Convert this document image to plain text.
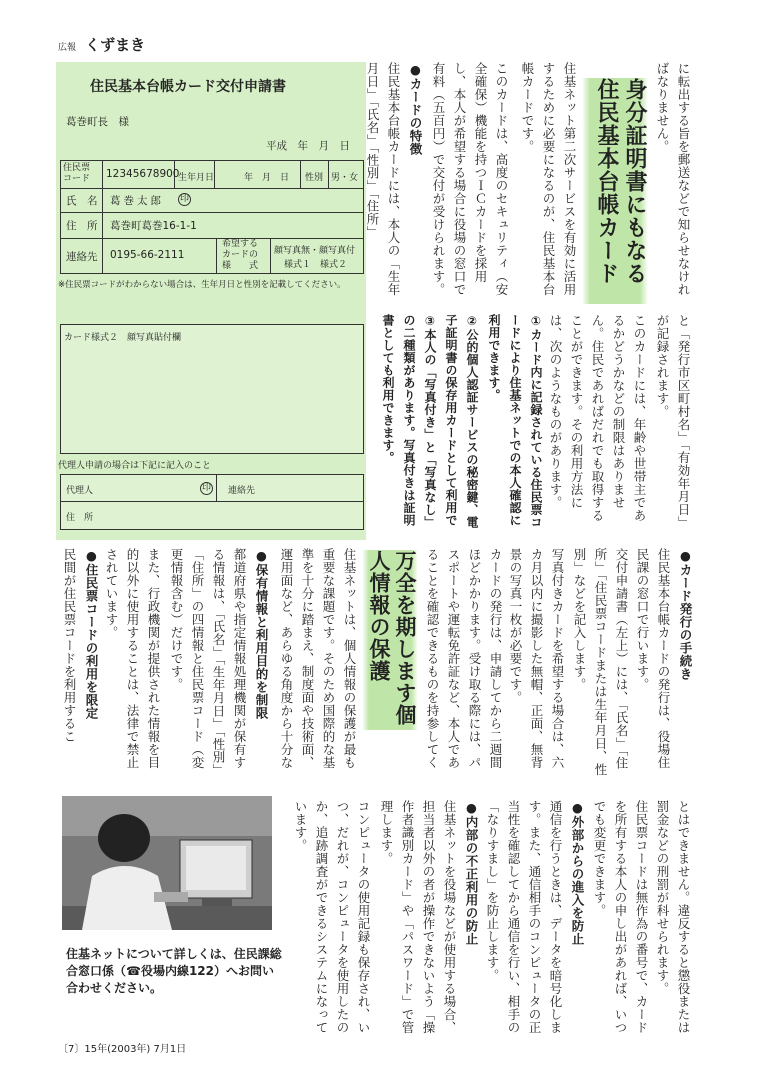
広報 くずまき
住民基本台帳カード交付申請書
葛巻町長　様
平成　年　月　日
住民票
コード 12345678900
生年月日	年　月　日 性別 男・女
氏　名 葛巻太郎 印
住　所 葛巻町葛巻16-1-1
連絡先 0195-66-2111
希望する
カードの
様　　式
顔写真無・顔写真付
様式１　様式２
※住民票コードがわからない場合は、生年月日と性別を記載してください。
カード様式２　顔写真貼付欄
代理人申請の場合は下記に記入のこと
代理人	印 連絡先
住　所
に転出する旨を郵送などで知らせなければなりません。
身分証明書にもなる住民基本台帳カード
住基ネット第二次サービスを有効に活用するために必要になるのが、住民基本台帳カードです。
このカードは、高度のセキュリティ（安全確保）機能を持つＩＣカードを採用し、本人が希望する場合に役場の窓口で有料（五百円）で交付が受けられます。
●カードの特徴
住民基本台帳カードには、本人の「生年月日」「氏名」「性別」「住所」
と「発行市区町村名」「有効年月日」が記録されます。
このカードには、年齢や世帯主であるかどうかなどの制限はありません。住民であればだれでも取得することができます。その利用方法には、次のようなものがあります。
①カード内に記録されている住民票コードにより住基ネットでの本人確認に利用できます。
②公的個人認証サービスの秘密鍵、電子証明書の保存用カードとして利用で
③本人の「写真付き」と「写真なし」の二種類があります。写真付きは証明書としても利用できます。
●カード発行の手続き
住民基本台帳カードの発行は、役場住民課の窓口で行います。
交付申請書（左上）には、「氏名」「住所」「住民票コードまたは生年月日、性別」などを記入します。
写真付きカードを希望する場合は、六カ月以内に撮影した無帽、正面、無背景の写真一枚が必要です。
カードの発行は、申請してから二週間ほどかかります。受け取る際には、パスポートや運転免許証など、本人であることを確認できるものを持参してく
万全を期します個人情報の保護
住基ネットは、個人情報の保護が最も重要な課題です。そのため国際的な基準を十分に踏まえ、制度面や技術面、運用面など、あらゆる角度から十分な
●保有情報と利用目的を制限
都道府県や指定情報処理機関が保有する情報は、「氏名」「生年月日」「性別」「住所」の四情報と住民票コード（変更情報含む）だけです。
また、行政機関が提供された情報を目的以外に使用することは、法律で禁止されています。
●住民票コードの利用を限定
民間が住民票コードを利用するこ
とはできません。違反すると懲役または罰金などの刑罰が科せられます。
住民票コードは無作為の番号で、カードを所有する本人の申し出があれば、いつでも変更できます。
●外部からの進入を防止
通信を行うときは、データを暗号化します。また、通信相手のコンピュータの正当性を確認してから通信を行い、相手の「なりすまし」を防止します。
●内部の不正利用の防止
住基ネットを役場などが使用する場合、担当者以外の者が操作できないよう「操作者識別カード」や「パスワード」で管理します。
コンピュータの使用記録も保存され、いつ、だれが、コンピュータを使用したのか、追跡調査ができるシステムになっています。
住基ネットについて詳しくは、住民課総合窓口係（☎役場内線122）へお問い合わせください。
〔7〕15年(2003年) 7月1日
